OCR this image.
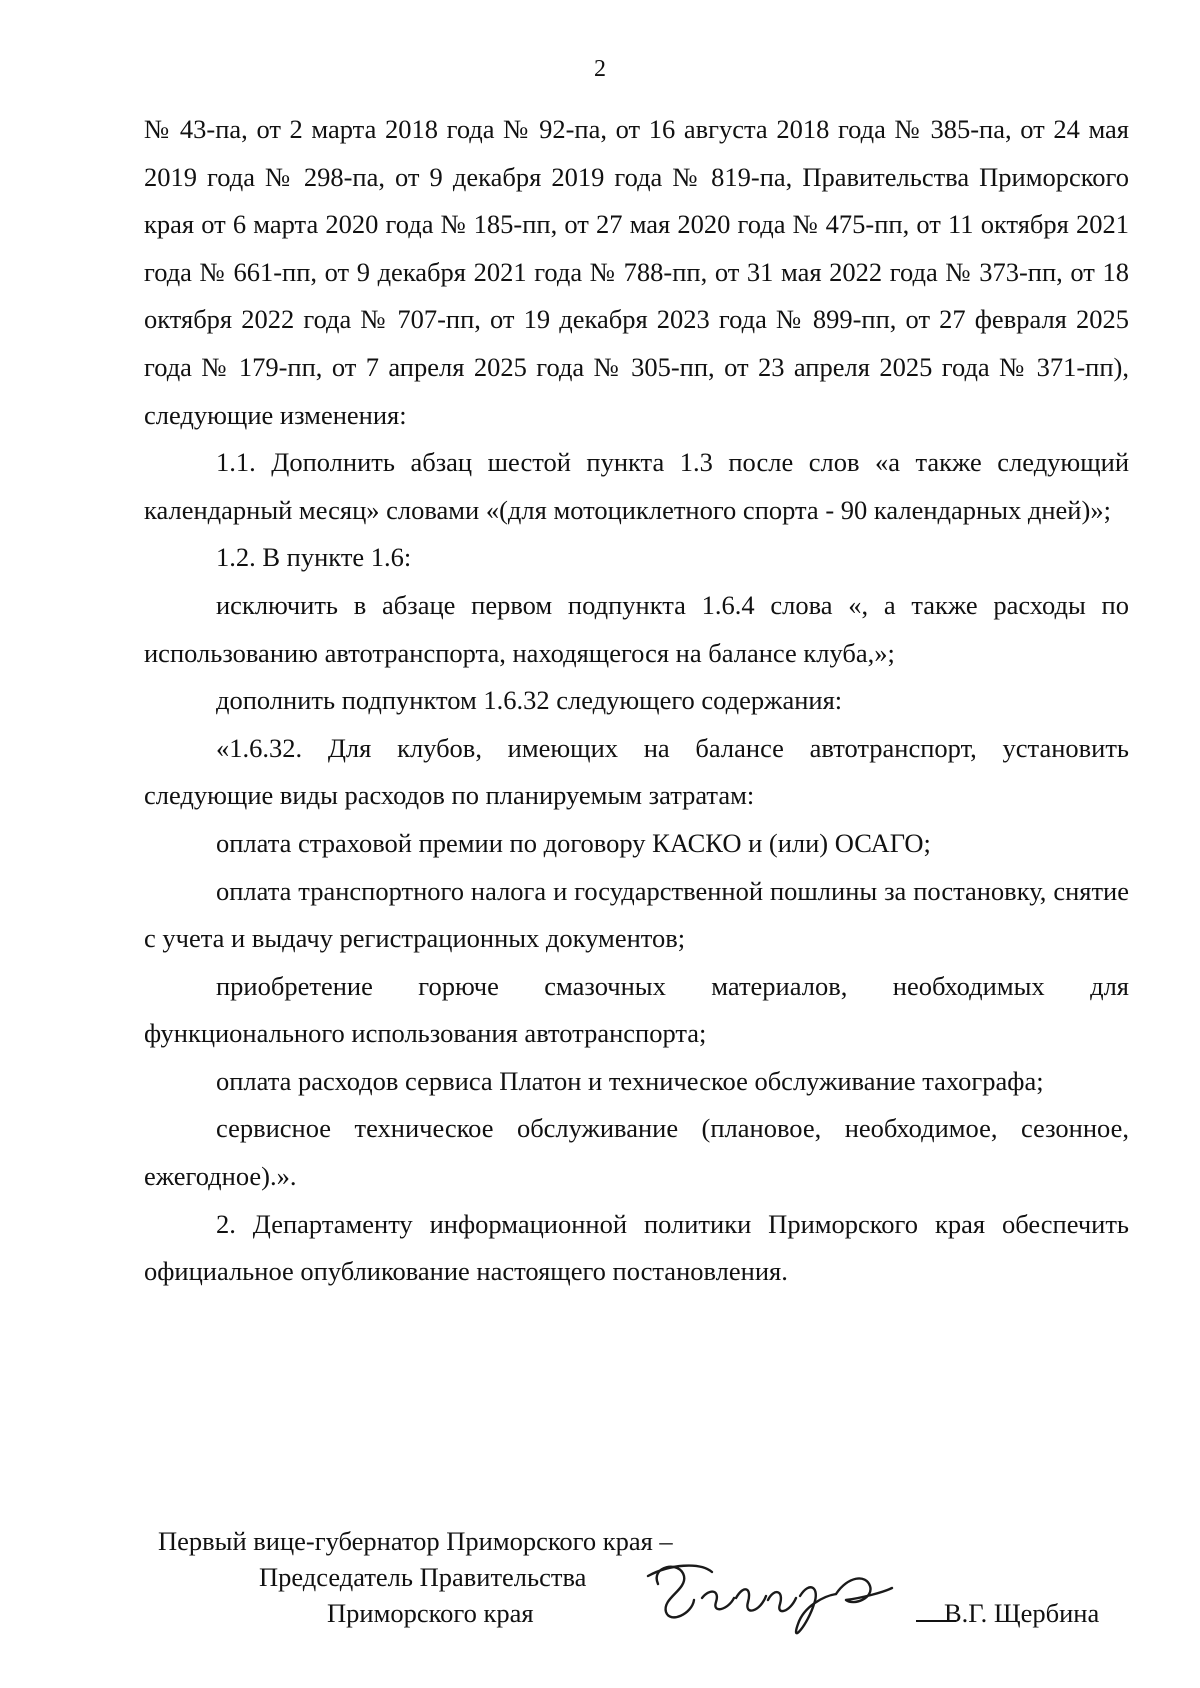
2

№ 43-па, от 2 марта 2018 года № 92-па, от 16 августа 2018 года № 385-па, от 24 мая 2019 года № 298-па, от 9 декабря 2019 года № 819-па, Правительства Приморского края от 6 марта 2020 года № 185-пп, от 27 мая 2020 года № 475-пп, от 11 октября 2021 года № 661-пп, от 9 декабря 2021 года № 788-пп, от 31 мая 2022 года № 373-пп, от 18 октября 2022 года № 707-пп, от 19 декабря 2023 года № 899-пп, от 27 февраля 2025 года № 179-пп, от 7 апреля 2025 года № 305-пп, от 23 апреля 2025 года № 371-пп), следующие изменения:

1.1. Дополнить абзац шестой пункта 1.3 после слов «а также следующий календарный месяц» словами «(для мотоциклетного спорта - 90 календарных дней)»;

1.2. В пункте 1.6:

исключить в абзаце первом подпункта 1.6.4 слова «, а также расходы по использованию автотранспорта, находящегося на балансе клуба,»;

дополнить подпунктом 1.6.32 следующего содержания:

«1.6.32. Для клубов, имеющих на балансе автотранспорт, установить следующие виды расходов по планируемым затратам:

оплата страховой премии по договору КАСКО и (или) ОСАГО;

оплата транспортного налога и государственной пошлины за постановку, снятие с учета и выдачу регистрационных документов;

приобретение горюче смазочных материалов, необходимых для функционального использования автотранспорта;

оплата расходов сервиса Платон и техническое обслуживание тахографа;

сервисное техническое обслуживание (плановое, необходимое, сезонное, ежегодное).».

2. Департаменту информационной политики Приморского края обеспечить официальное опубликование настоящего постановления.

Первый вице-губернатор Приморского края –
Председатель Правительства
Приморского края	В.Г. Щербина
